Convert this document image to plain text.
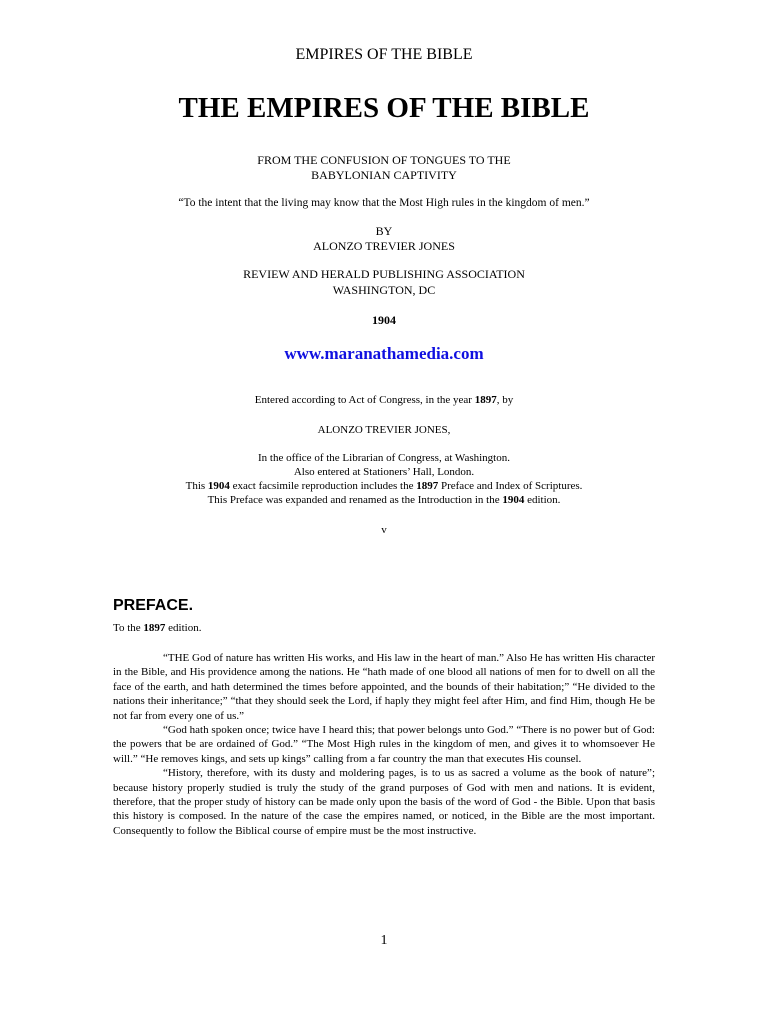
EMPIRES OF THE BIBLE
THE EMPIRES OF THE BIBLE
FROM THE CONFUSION OF TONGUES TO THE
BABYLONIAN CAPTIVITY
“To the intent that the living may know that the Most High rules in the kingdom of men.”
BY
ALONZO TREVIER JONES
REVIEW AND HERALD PUBLISHING ASSOCIATION
WASHINGTON, DC
1904
www.maranathamedia.com
Entered according to Act of Congress, in the year 1897, by
ALONZO TREVIER JONES,
In the office of the Librarian of Congress, at Washington.
Also entered at Stationers’ Hall, London.
This 1904 exact facsimile reproduction includes the 1897 Preface and Index of Scriptures.
This Preface was expanded and renamed as the Introduction in the 1904 edition.
v
PREFACE.
To the 1897 edition.

“THE God of nature has written His works, and His law in the heart of man.” Also He has written His character in the Bible, and His providence among the nations. He “hath made of one blood all nations of men for to dwell on all the face of the earth, and hath determined the times before appointed, and the bounds of their habitation;” “He divided to the nations their inheritance;” “that they should seek the Lord, if haply they might feel after Him, and find Him, though He be not far from every one of us.”

“God hath spoken once; twice have I heard this; that power belongs unto God.” “There is no power but of God: the powers that be are ordained of God.” “The Most High rules in the kingdom of men, and gives it to whomsoever He will.” “He removes kings, and sets up kings” calling from a far country the man that executes His counsel.

“History, therefore, with its dusty and moldering pages, is to us as sacred a volume as the book of nature”; because history properly studied is truly the study of the grand purposes of God with men and nations. It is evident, therefore, that the proper study of history can be made only upon the basis of the word of God - the Bible. Upon that basis this history is composed. In the nature of the case the empires named, or noticed, in the Bible are the most important. Consequently to follow the Biblical course of empire must be the most instructive.

1
